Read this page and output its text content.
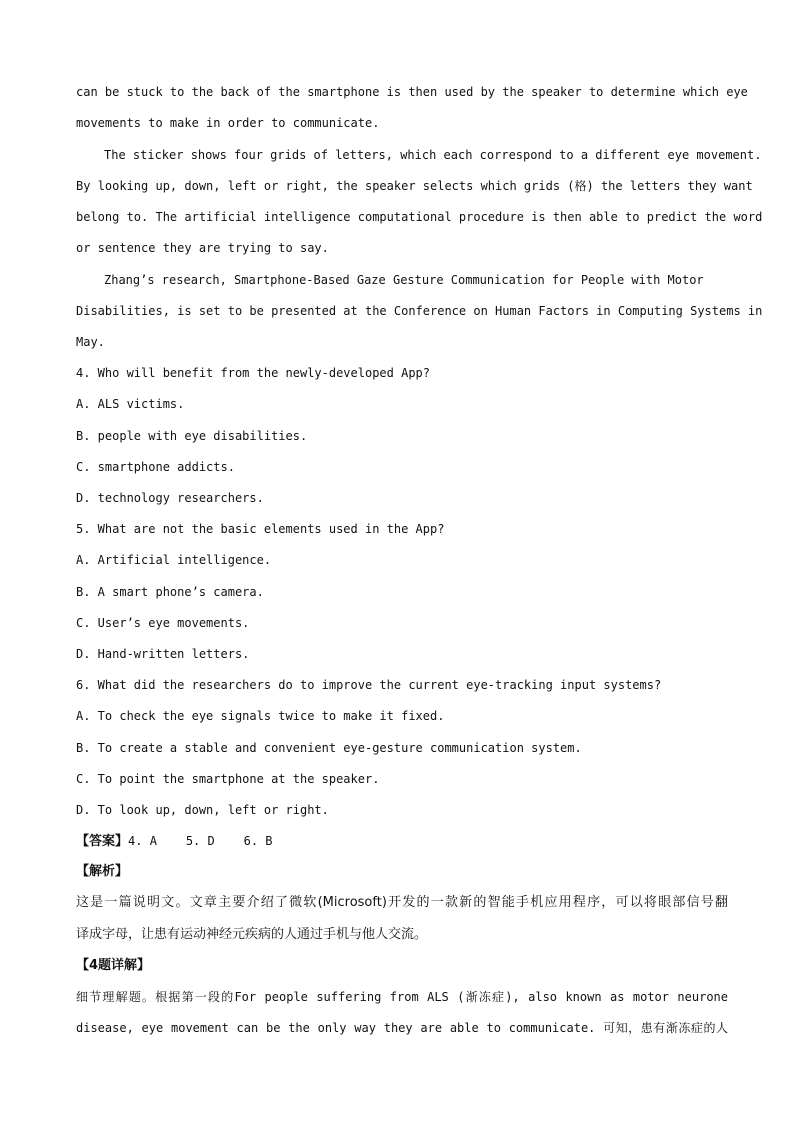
can be stuck to the back of the smartphone is then used by the speaker to determine which eye
movements to make in order to communicate.
The sticker shows four grids of letters, which each correspond to a different eye movement.
By looking up, down, left or right, the speaker selects which grids (格) the letters they want
belong to. The artificial intelligence computational procedure is then able to predict the word
or sentence they are trying to say.
Zhang’s research, Smartphone-Based Gaze Gesture Communication for People with Motor
Disabilities, is set to be presented at the Conference on Human Factors in Computing Systems in
May.
4. Who will benefit from the newly-developed App?
A. ALS victims.
B. people with eye disabilities.
C. smartphone addicts.
D. technology researchers.
5. What are not the basic elements used in the App?
A. Artificial intelligence.
B. A smart phone’s camera.
C. User’s eye movements.
D. Hand-written letters.
6. What did the researchers do to improve the current eye-tracking input systems?
A. To check the eye signals twice to make it fixed.
B. To create a stable and convenient eye-gesture communication system.
C. To point the smartphone at the speaker.
D. To look up, down, left or right.
【答案】4. A    5. D    6. B
【解析】
这是一篇说明文。文章主要介绍了微软(Microsoft)开发的一款新的智能手机应用程序，可以将眼部信号翻
译成字母，让患有运动神经元疾病的人通过手机与他人交流。
【4题详解】
细节理解题。根据第一段的For people suffering from ALS (渐冻症), also known as motor neurone
disease, eye movement can be the only way they are able to communicate. 可知，患有渐冻症的人
